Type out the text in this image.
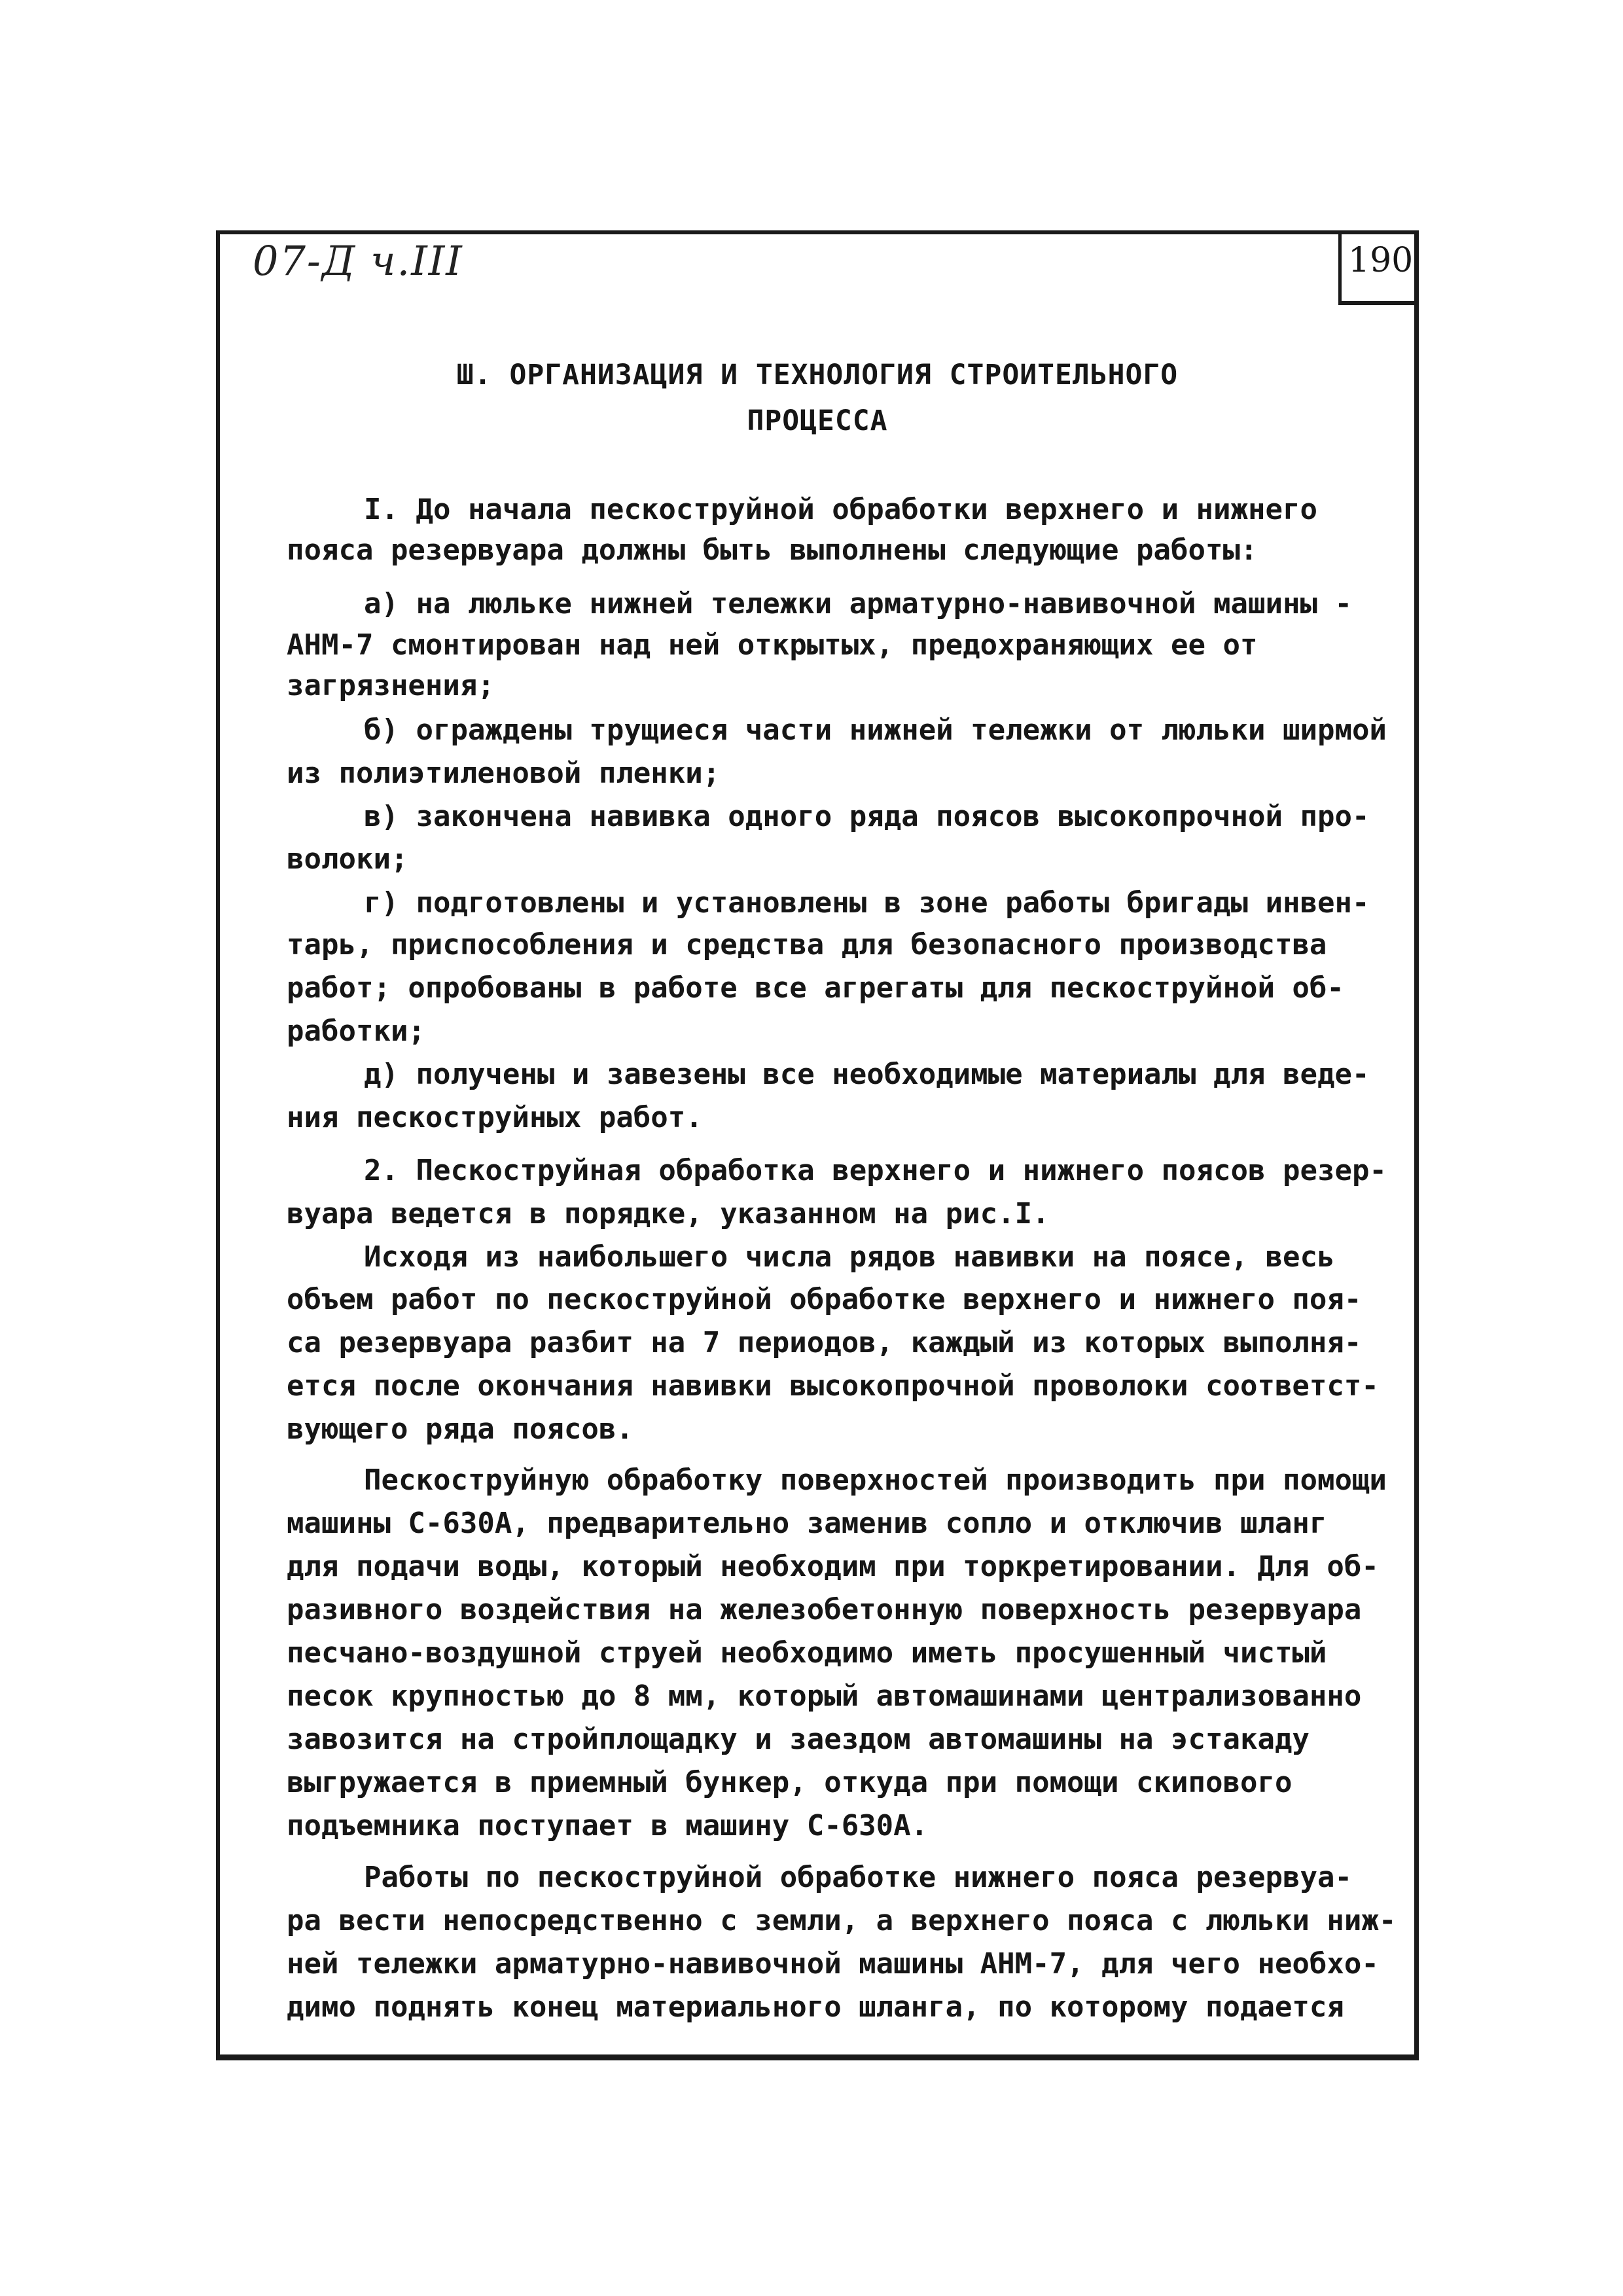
07-Д ч.III	190
Ш. ОРГАНИЗАЦИЯ И ТЕХНОЛОГИЯ СТРОИТЕЛЬНОГО
ПРОЦЕССА
I. До начала пескоструйной обработки верхнего и нижнего
пояса резервуара должны быть выполнены следующие работы:
а) на люльке нижней тележки арматурно-навивочной машины -
АНМ-7 смонтирован над ней открытых, предохраняющих ее от
загрязнения;
б) ограждены трущиеся части нижней тележки от люльки ширмой
из полиэтиленовой пленки;
в) закончена навивка одного ряда поясов высокопрочной про-
волоки;
г) подготовлены и установлены в зоне работы бригады инвен-
тарь, приспособления и средства для безопасного производства
работ; опробованы в работе все агрегаты для пескоструйной об-
работки;
д) получены и завезены все необходимые материалы для веде-
ния пескоструйных работ.
2. Пескоструйная обработка верхнего и нижнего поясов резер-
вуара ведется в порядке, указанном на рис.I.
Исходя из наибольшего числа рядов навивки на поясе, весь
объем работ по пескоструйной обработке верхнего и нижнего поя-
са резервуара разбит на 7 периодов, каждый из которых выполня-
ется после окончания навивки высокопрочной проволоки соответст-
вующего ряда поясов.
Пескоструйную обработку поверхностей производить при помощи
машины С-630А, предварительно заменив сопло и отключив шланг
для подачи воды, который необходим при торкретировании. Для об-
разивного воздействия на железобетонную поверхность резервуара
песчано-воздушной струей необходимо иметь просушенный чистый
песок крупностью до 8 мм, который автомашинами централизованно
завозится на стройплощадку и заездом автомашины на эстакаду
выгружается в приемный бункер, откуда при помощи скипового
подъемника поступает в машину С-630А.
Работы по пескоструйной обработке нижнего пояса резервуа-
ра вести непосредственно с земли, а верхнего пояса с люльки ниж-
ней тележки арматурно-навивочной машины АНМ-7, для чего необхо-
димо поднять конец материального шланга, по которому подается
